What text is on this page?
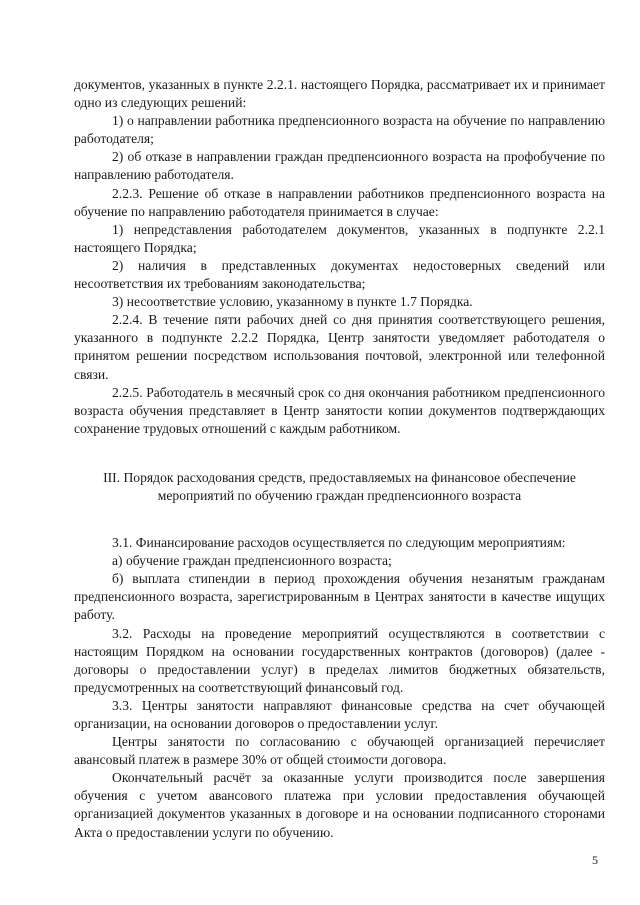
документов, указанных в пункте 2.2.1. настоящего Порядка, рассматривает их и принимает одно из следующих решений:

1) о направлении работника предпенсионного возраста на обучение по направлению работодателя;

2) об отказе в направлении граждан предпенсионного возраста на профобучение по направлению работодателя.

2.2.3. Решение об отказе в направлении работников предпенсионного возраста на обучение по направлению работодателя принимается в случае:

1) непредставления работодателем документов, указанных в подпункте 2.2.1 настоящего Порядка;

2) наличия в представленных документах недостоверных сведений или несоответствия их требованиям законодательства;

3) несоответствие условию, указанному в пункте 1.7 Порядка.

2.2.4. В течение пяти рабочих дней со дня принятия соответствующего решения, указанного в подпункте 2.2.2 Порядка, Центр занятости уведомляет работодателя о принятом решении посредством использования почтовой, электронной или телефонной связи.

2.2.5. Работодатель в месячный срок со дня окончания работником предпенсионного возраста обучения представляет в Центр занятости копии документов подтверждающих сохранение трудовых отношений с каждым работником.

III. Порядок расходования средств, предоставляемых на финансовое обеспечение мероприятий по обучению граждан предпенсионного возраста

3.1. Финансирование расходов осуществляется по следующим мероприятиям:

а) обучение граждан предпенсионного возраста;

б) выплата стипендии в период прохождения обучения незанятым гражданам предпенсионного возраста, зарегистрированным в Центрах занятости в качестве ищущих работу.

3.2. Расходы на проведение мероприятий осуществляются в соответствии с настоящим Порядком на основании государственных контрактов (договоров) (далее - договоры о предоставлении услуг) в пределах лимитов бюджетных обязательств, предусмотренных на соответствующий финансовый год.

3.3. Центры занятости направляют финансовые средства на счет обучающей организации, на основании договоров о предоставлении услуг.

Центры занятости по согласованию с обучающей организацией перечисляет авансовый платеж в размере 30% от общей стоимости договора.

Окончательный расчёт за оказанные услуги производится после завершения обучения с учетом авансового платежа при условии предоставления обучающей организацией документов указанных в договоре и на основании подписанного сторонами Акта о предоставлении услуги по обучению.

5
